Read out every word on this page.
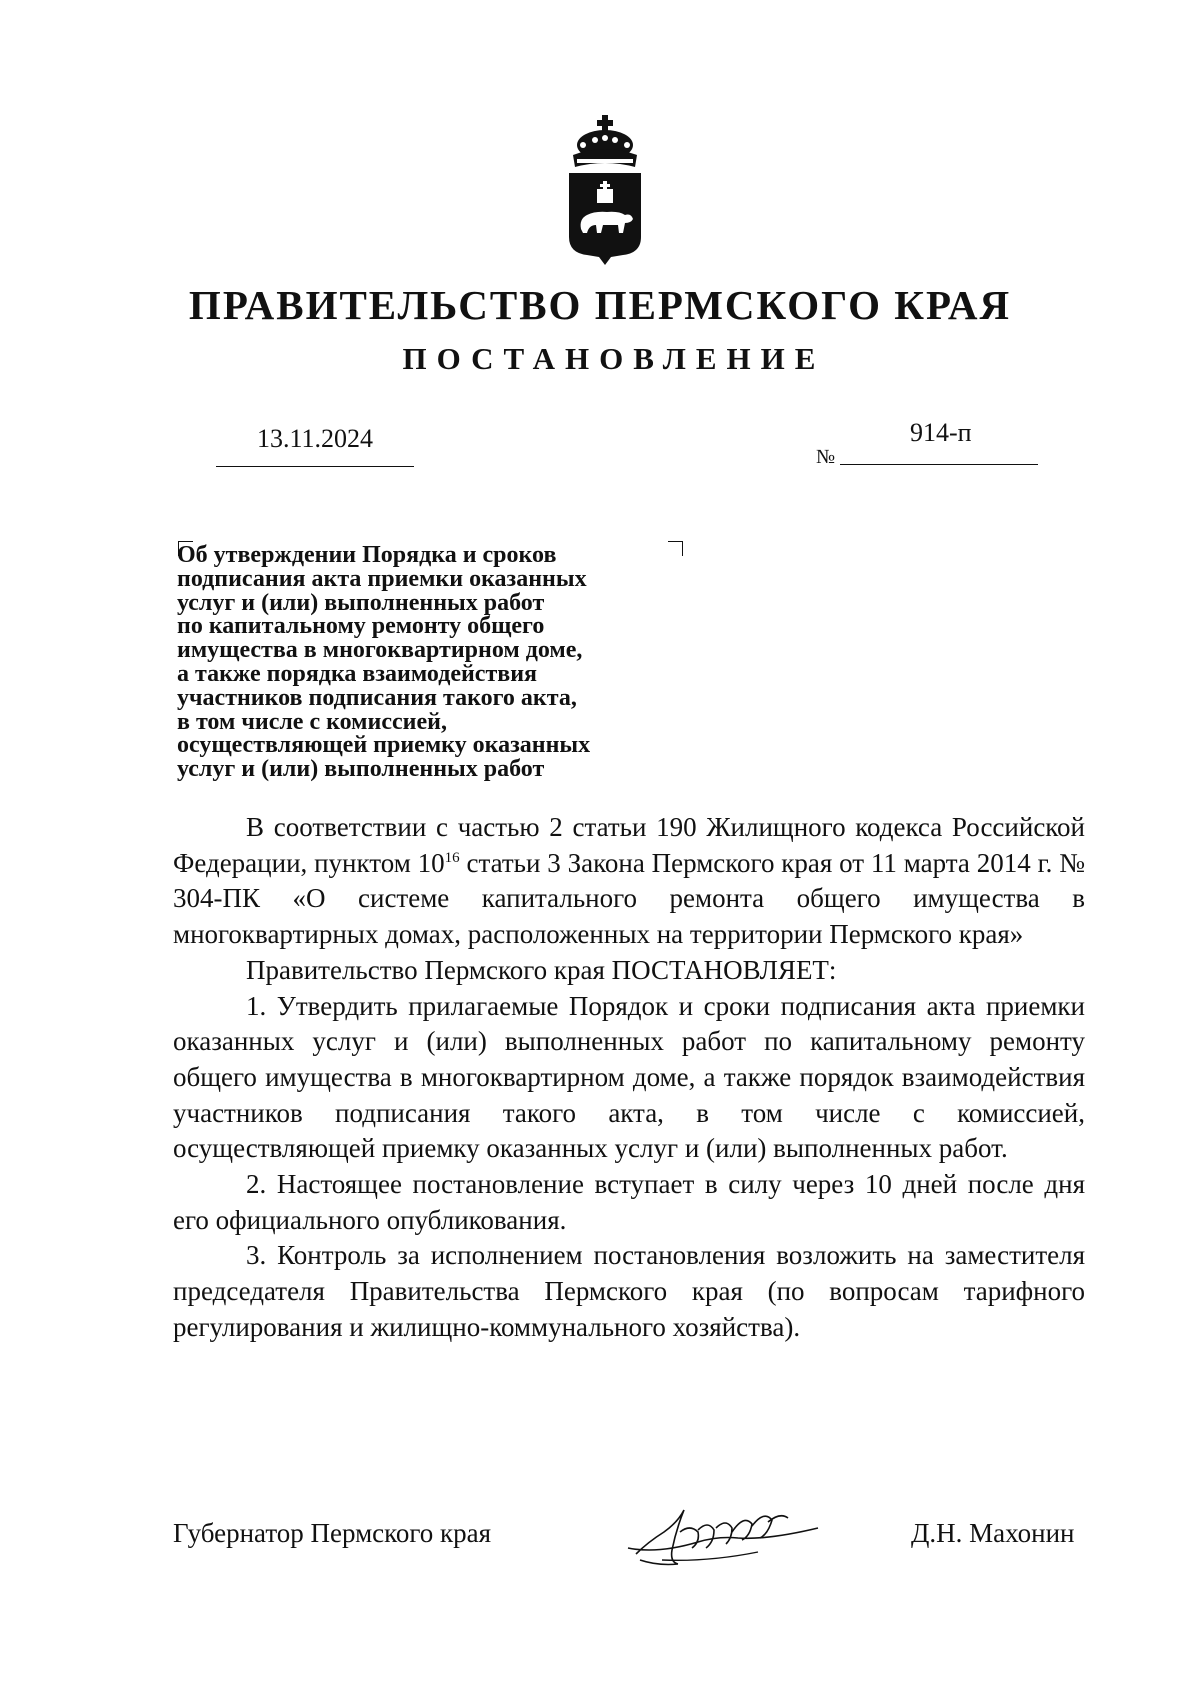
ПРАВИТЕЛЬСТВО ПЕРМСКОГО КРАЯ
ПОСТАНОВЛЕНИЕ
13.11.2024
№
914-п
Об утверждении Порядка и сроков
подписания акта приемки оказанных
услуг и (или) выполненных работ
по капитальному ремонту общего
имущества в многоквартирном доме,
а также порядка взаимодействия
участников подписания такого акта,
в том числе с комиссией,
осуществляющей приемку оказанных
услуг и (или) выполненных работ

В соответствии с частью 2 статьи 190 Жилищного кодекса Российской Федерации, пунктом $10^{16}$ статьи 3 Закона Пермского края от 11 марта 2014 г. № 304-ПК «О системе капитального ремонта общего имущества в многоквартирных домах, расположенных на территории Пермского края»

Правительство Пермского края ПОСТАНОВЛЯЕТ:

1. Утвердить прилагаемые Порядок и сроки подписания акта приемки оказанных услуг и (или) выполненных работ по капитальному ремонту общего имущества в многоквартирном доме, а также порядок взаимодействия участников подписания такого акта, в том числе с комиссией, осуществляющей приемку оказанных услуг и (или) выполненных работ.

2. Настоящее постановление вступает в силу через 10 дней после дня его официального опубликования.

3. Контроль за исполнением постановления возложить на заместителя председателя Правительства Пермского края (по вопросам тарифного регулирования и жилищно-коммунального хозяйства).

Губернатор Пермского края	Д.Н. Махонин
